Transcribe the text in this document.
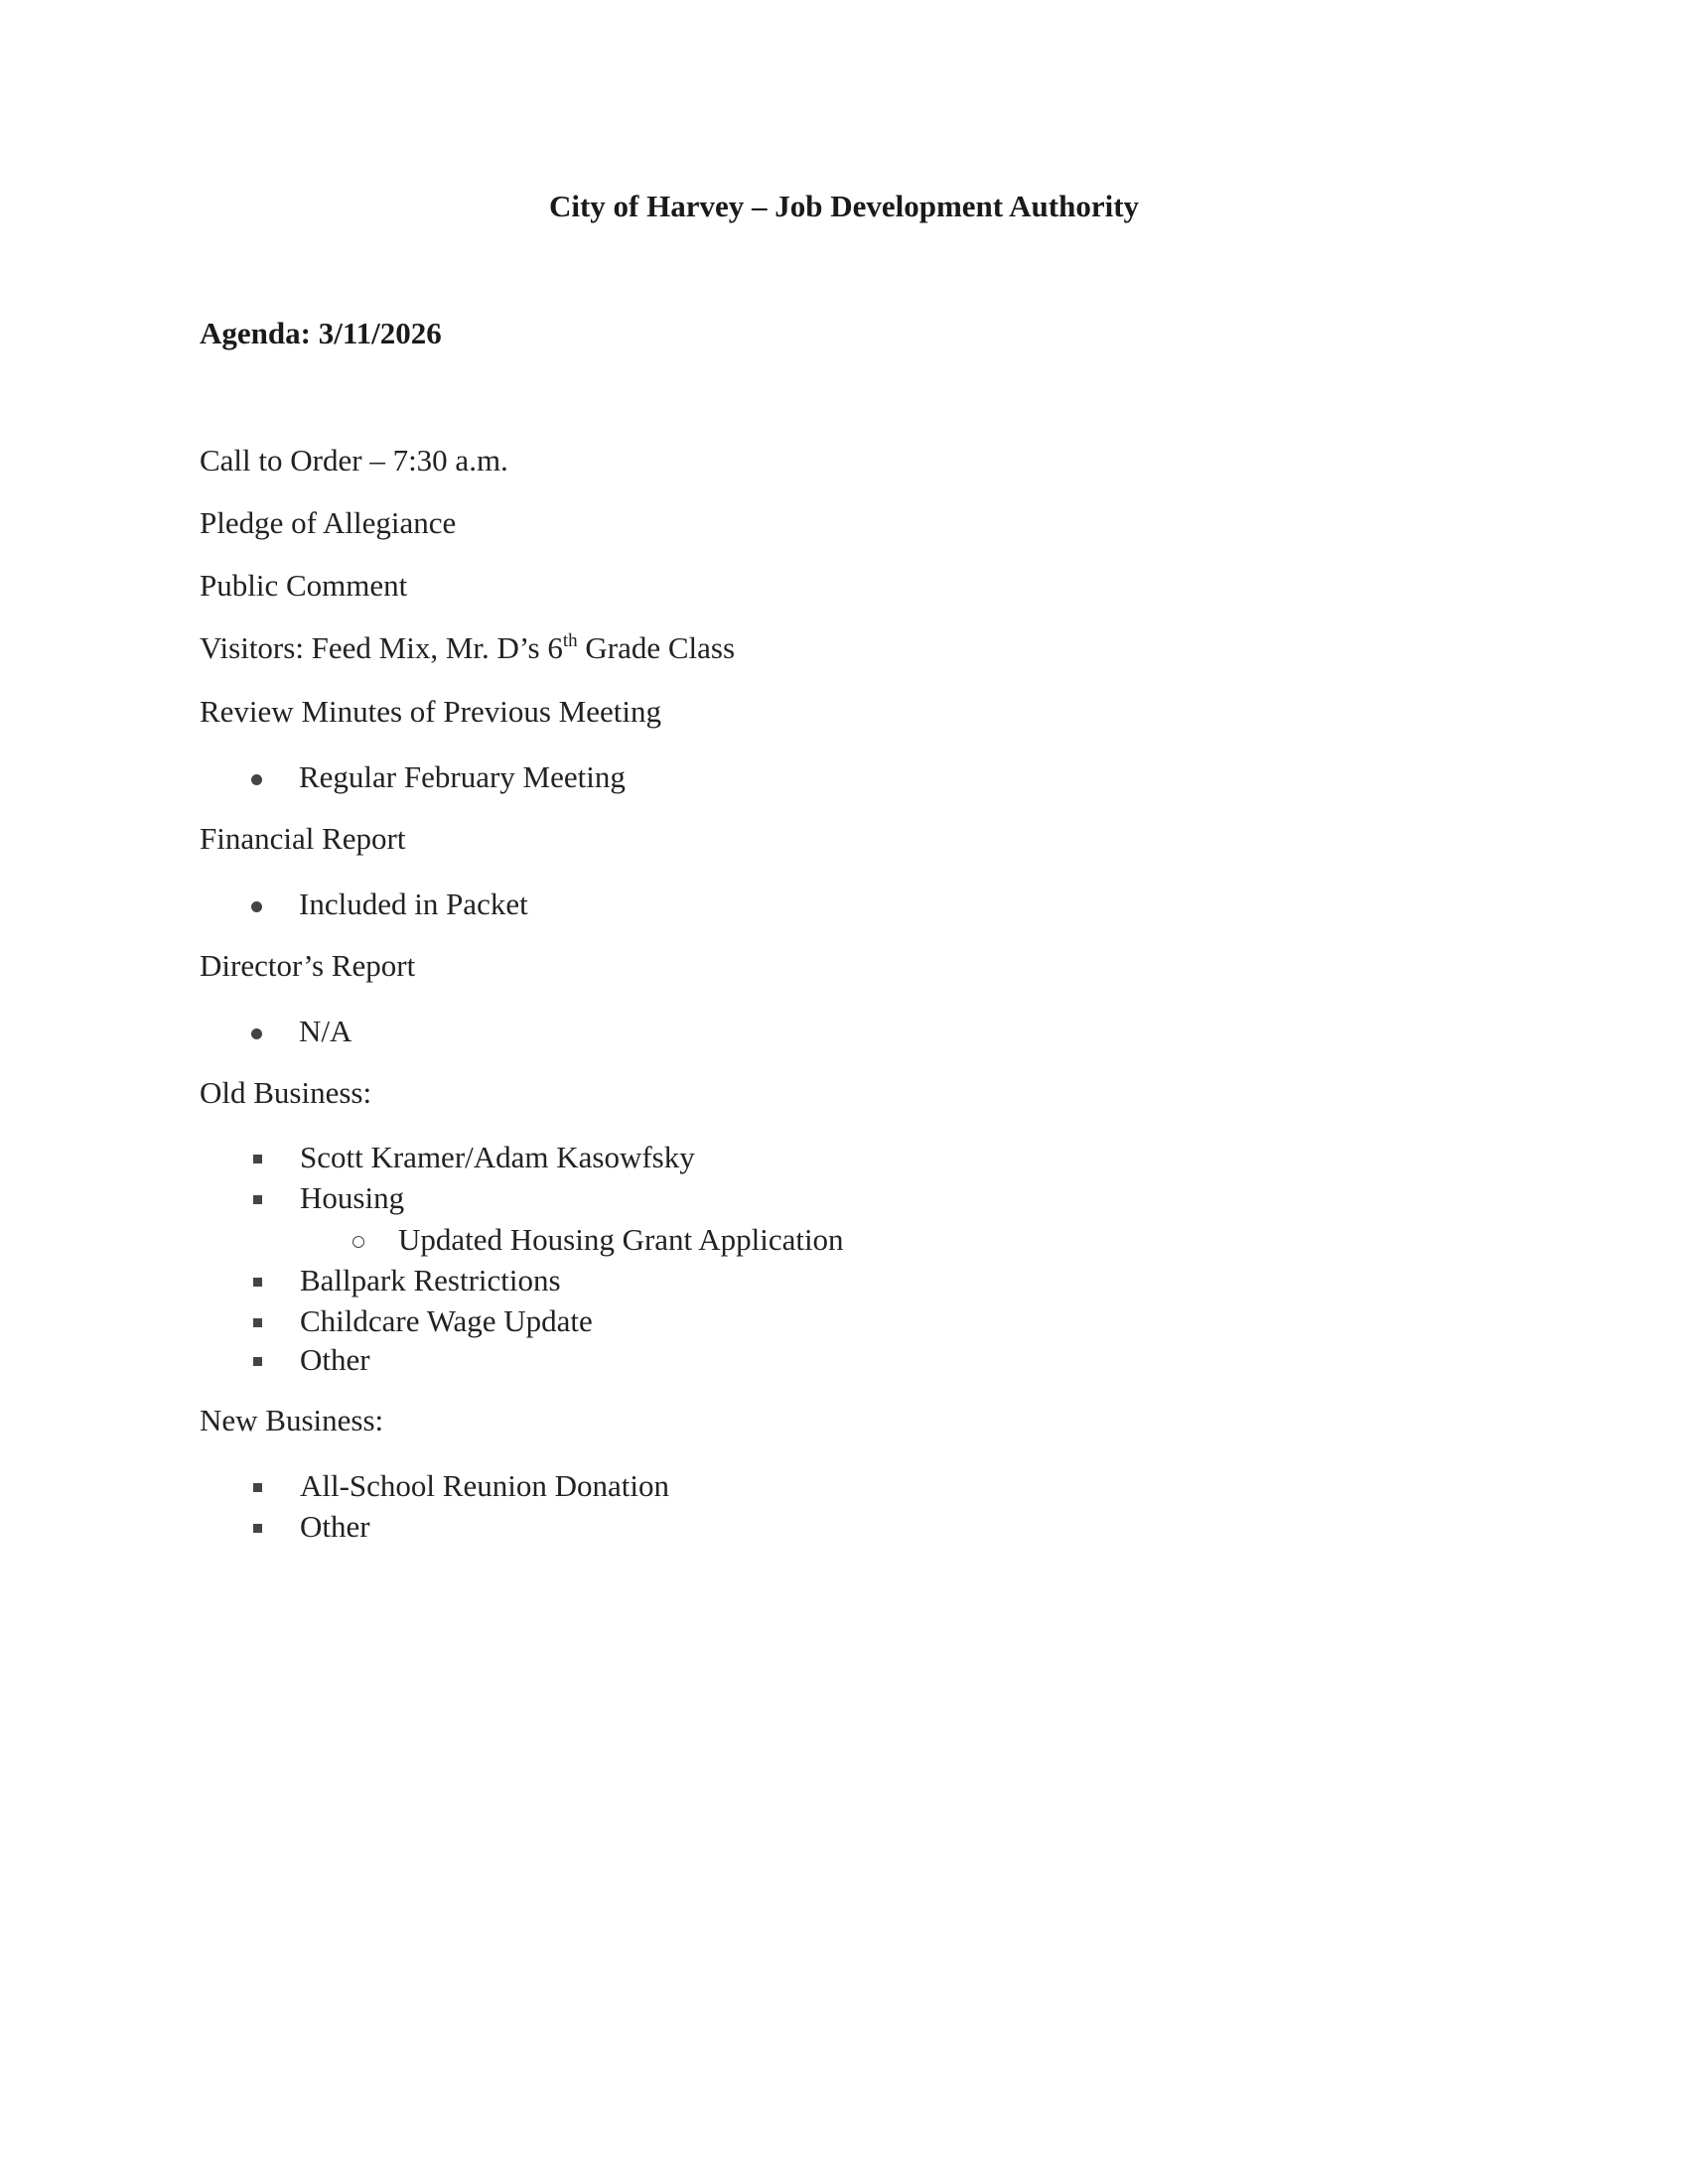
City of Harvey – Job Development Authority
Agenda: 3/11/2026
Call to Order – 7:30 a.m.
Pledge of Allegiance
Public Comment
Visitors: Feed Mix, Mr. D’s 6th Grade Class
Review Minutes of Previous Meeting
Regular February Meeting
Financial Report
Included in Packet
Director’s Report
N/A
Old Business:
Scott Kramer/Adam Kasowfsky
Housing
Updated Housing Grant Application
Ballpark Restrictions
Childcare Wage Update
Other
New Business:
All-School Reunion Donation
Other
